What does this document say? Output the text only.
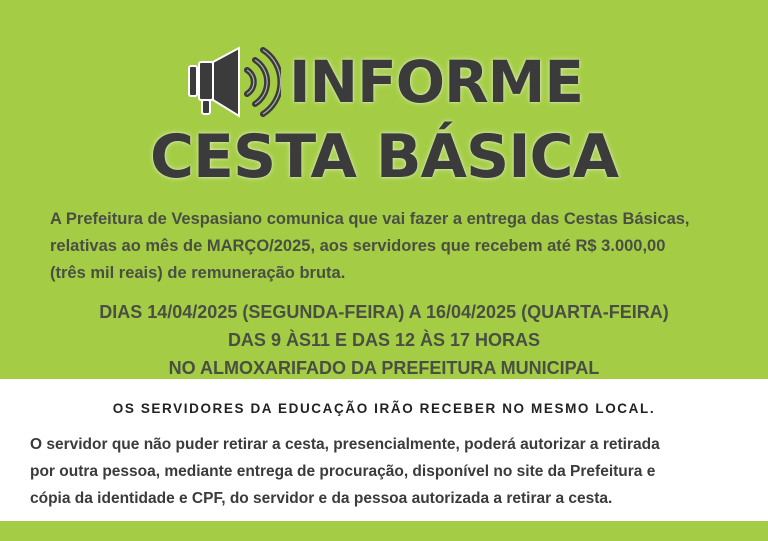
INFORME
CESTA BÁSICA

A Prefeitura de Vespasiano comunica que vai fazer a entrega das Cestas Básicas,

relativas ao mês de MARÇO/2025, aos servidores que recebem até R$ 3.000,00

(três mil reais) de remuneração bruta.

DIAS 14/04/2025 (SEGUNDA-FEIRA) A 16/04/2025 (QUARTA-FEIRA)

DAS 9 ÀS11 E DAS 12 ÀS 17 HORAS

NO ALMOXARIFADO DA PREFEITURA MUNICIPAL

OS SERVIDORES DA EDUCAÇÃO IRÃO RECEBER NO MESMO LOCAL.

O servidor que não puder retirar a cesta, presencialmente, poderá autorizar a retirada

por outra pessoa, mediante entrega de procuração, disponível no site da Prefeitura e

cópia da identidade e CPF, do servidor e da pessoa autorizada a retirar a cesta.
